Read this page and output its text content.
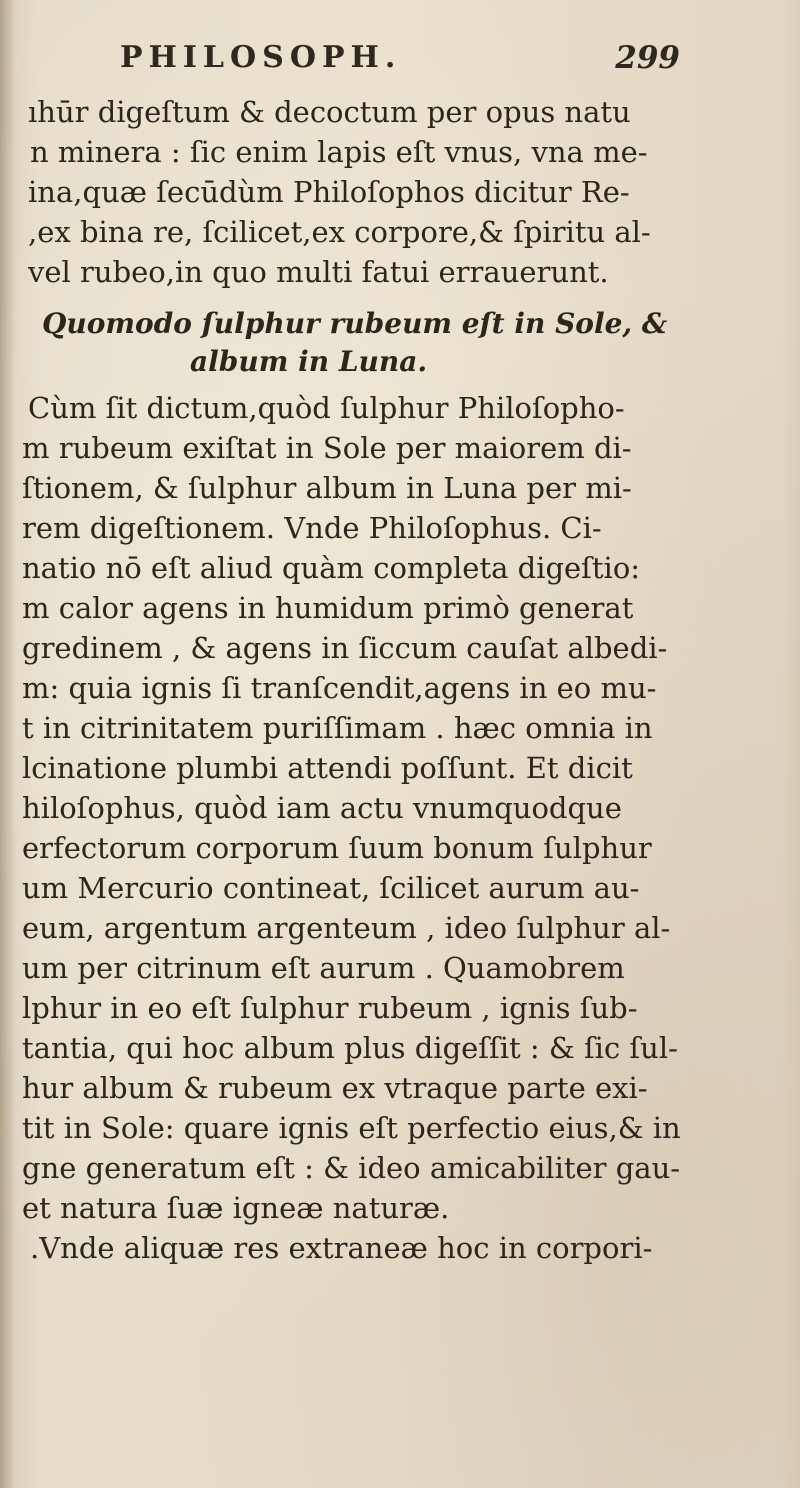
PHILOSOPH.	299
ıhūr digeſtum & decoctum per opus natu
n minera : ſic enim lapis eſt vnus, vna me-
ina,quæ ſecūdùm Philoſophos dicitur Re-
,ex bina re, ſcilicet,ex corpore,& ſpiritu al-
vel rubeo,in quo multi fatui errauerunt.
Quomodo ſulphur rubeum eſt in Sole, &
album in Luna.
Cùm ſit dictum,quòd ſulphur Philoſopho-
m rubeum exiſtat in Sole per maiorem di-
ſtionem, & ſulphur album in Luna per mi-
rem digeſtionem. Vnde Philoſophus. Ci-
natio nō eſt aliud quàm completa digeſtio:
m calor agens in humidum primò generat
gredinem , & agens in ſiccum cauſat albedi-
m: quia ignis ſi tranſcendit,agens in eo mu-
t in citrinitatem puriſſimam . hæc omnia in
lcinatione plumbi attendi poſſunt. Et dicit
hiloſophus, quòd iam actu vnumquodque
erfectorum corporum ſuum bonum ſulphur
um Mercurio contineat, ſcilicet aurum au-
eum, argentum argenteum , ideo ſulphur al-
um per citrinum eſt aurum . Quamobrem
lphur in eo eſt ſulphur rubeum , ignis ſub-
tantia, qui hoc album plus digeſſit : & ſic ſul-
hur album & rubeum ex vtraque parte exi-
tit in Sole: quare ignis eſt perfectio eius,& in
gne generatum eſt : & ideo amicabiliter gau-
et natura ſuæ igneæ naturæ.
.Vnde aliquæ res extraneæ hoc in corpori-
